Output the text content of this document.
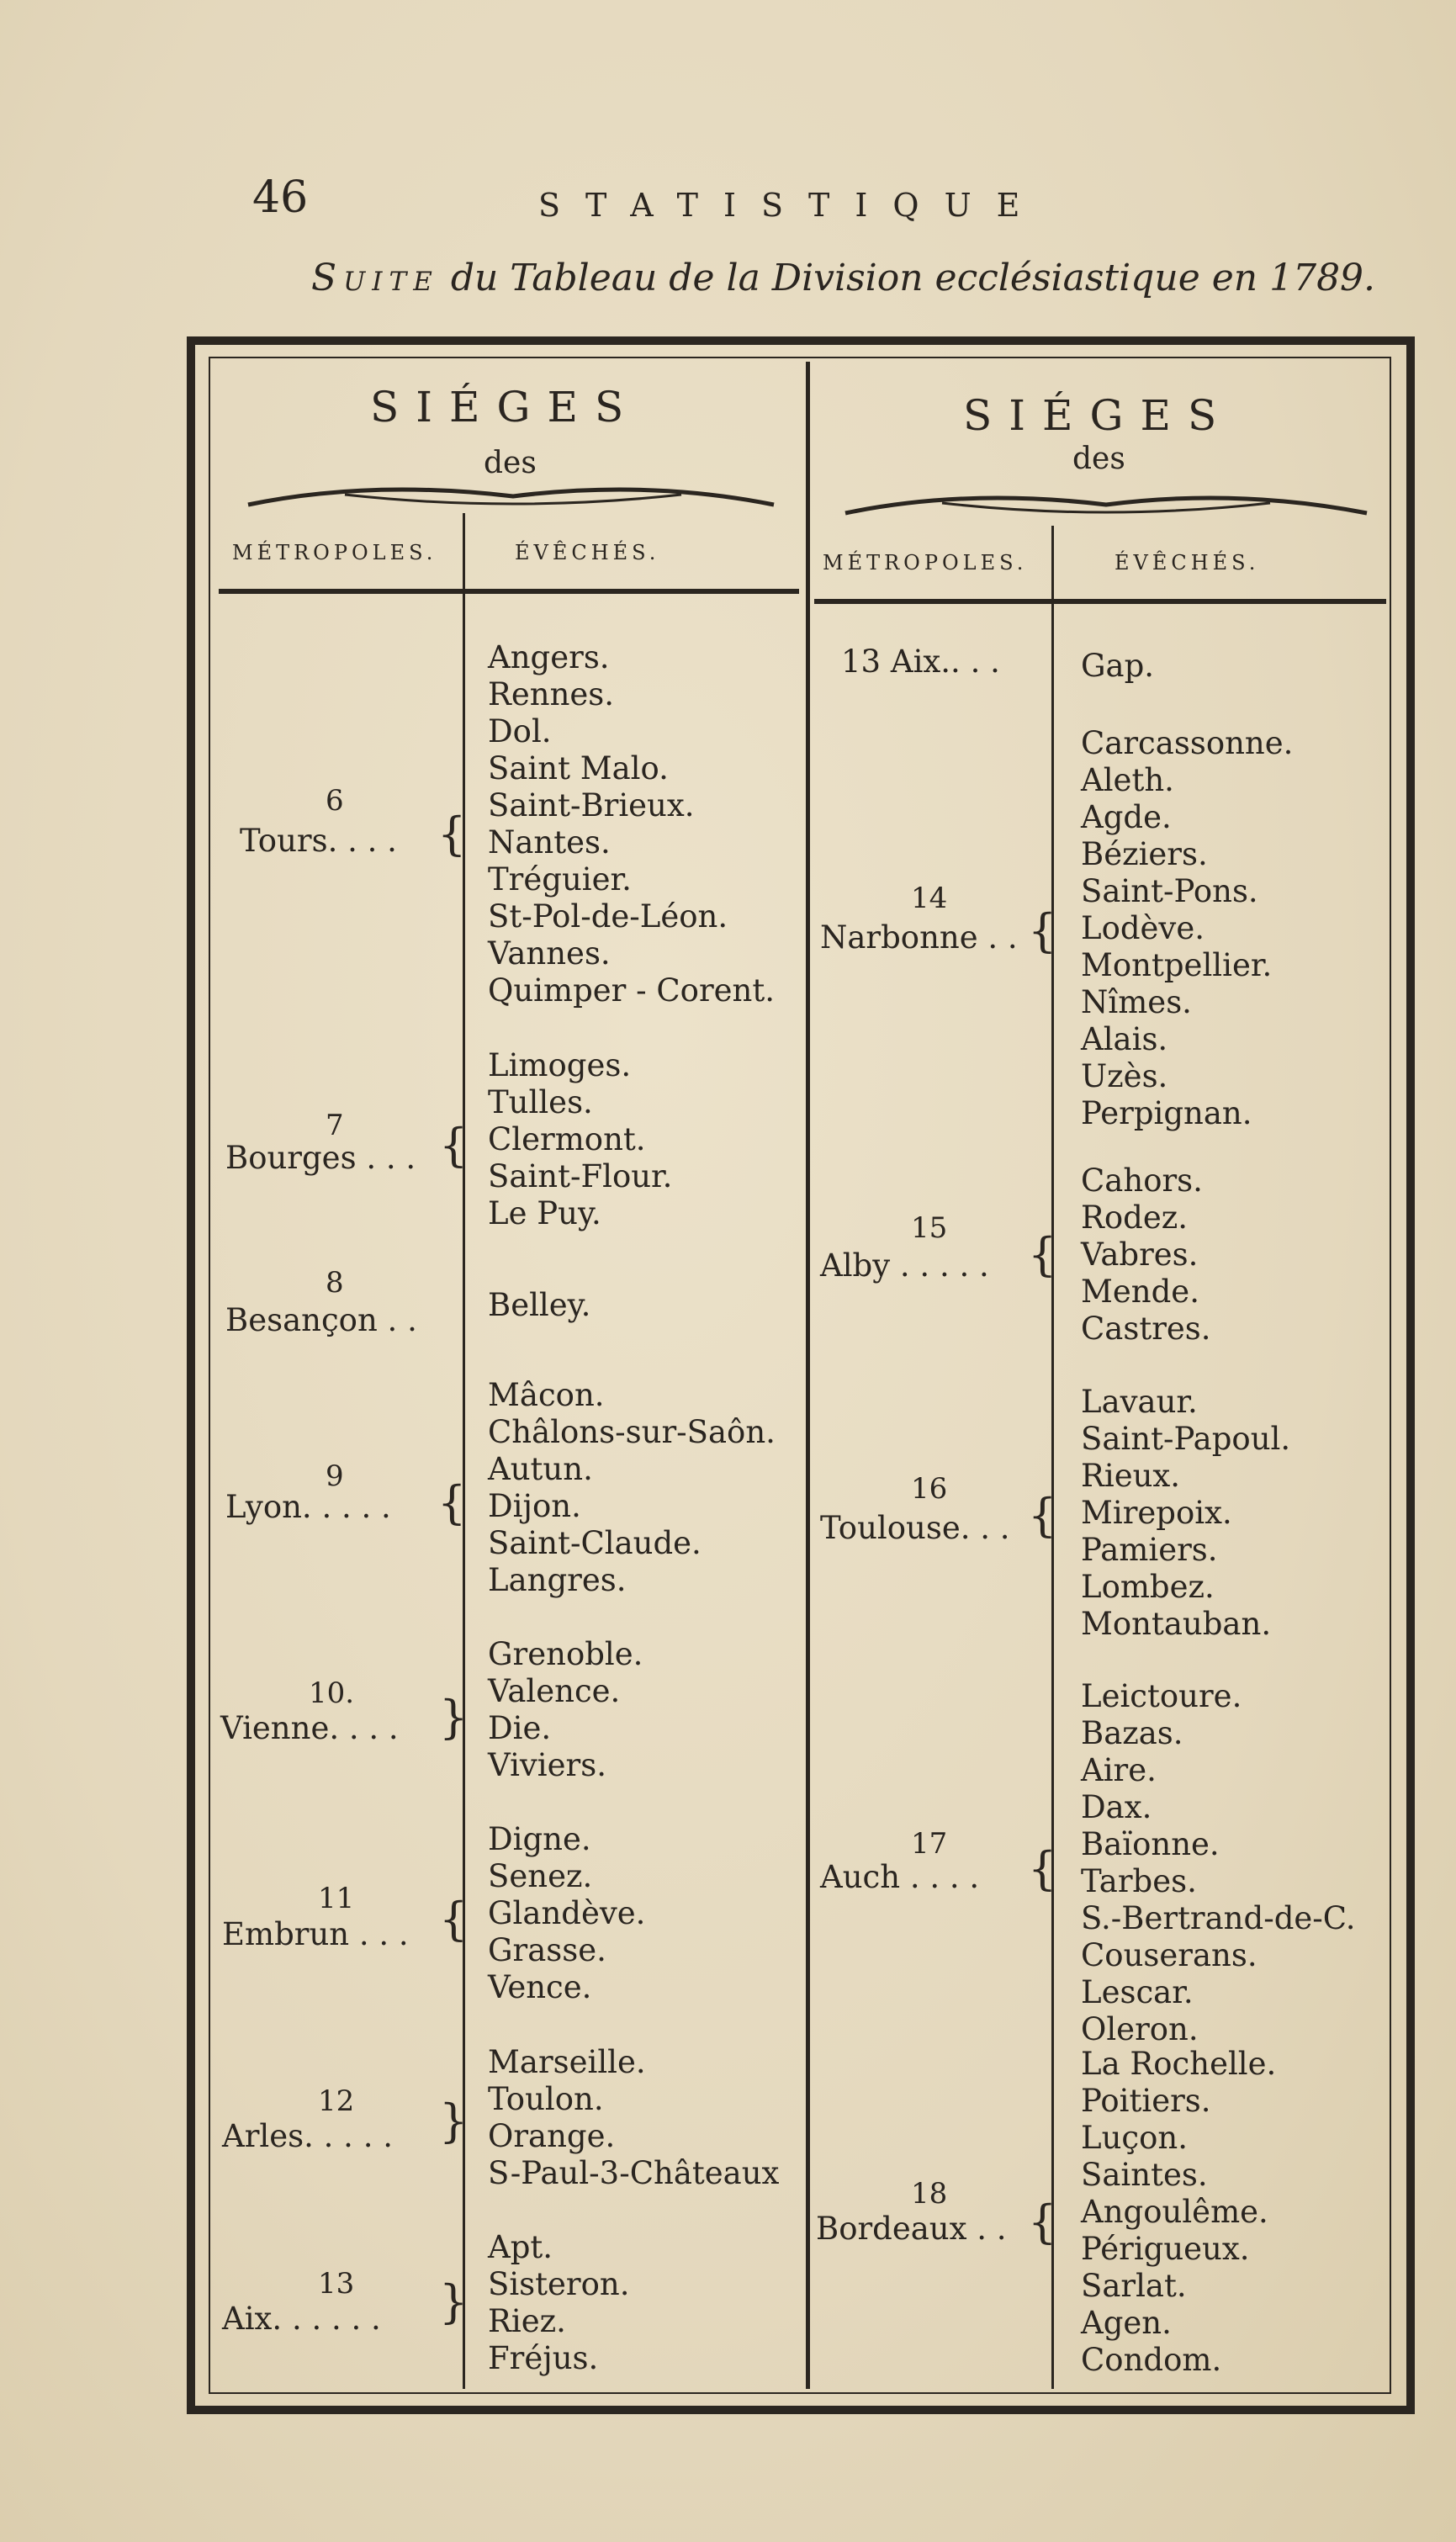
46	STATISTIQUE
Suite du Tableau de la Division ecclésiastique en 1789.
SIÉGES
des
MÉTROPOLES.	ÉVÊCHÉS.
SIÉGES
des
MÉTROPOLES.	ÉVÊCHÉS.
6
Tours. . . . {
Angers.
Rennes.
Dol.
Saint Malo.
Saint-Brieux.
Nantes.
Tréguier.
St-Pol-de-Léon.
Vannes.
Quimper - Corent.
7
Bourges . . . {
Limoges.
Tulles.
Clermont.
Saint-Flour.
Le Puy.
8
Besançon . . Belley.
9
Lyon. . . . . {
Mâcon.
Châlons-sur-Saôn.
Autun.
Dijon.
Saint-Claude.
Langres.
10.
Vienne. . . . }
Grenoble.
Valence.
Die.
Viviers.
11
Embrun . . . {
Digne.
Senez.
Glandève.
Grasse.
Vence.
12
Arles. . . . . }
Marseille.
Toulon.
Orange.
S-Paul-3-Châteaux
13
Aix. . . . . . }
Apt.
Sisteron.
Riez.
Fréjus.
13 Aix.. . .	Gap.
14
Narbonne . . {
Carcassonne.
Aleth.
Agde.
Béziers.
Saint-Pons.
Lodève.
Montpellier.
Nîmes.
Alais.
Uzès.
Perpignan.
15
Alby . . . . . {
Cahors.
Rodez.
Vabres.
Mende.
Castres.
16
Toulouse. . . {
Lavaur.
Saint-Papoul.
Rieux.
Mirepoix.
Pamiers.
Lombez.
Montauban.
17
Auch . . . . {
Leictoure.
Bazas.
Aire.
Dax.
Baïonne.
Tarbes.
S.-Bertrand-de-C.
Couserans.
Lescar.
Oleron.
18
Bordeaux . . {
La Rochelle.
Poitiers.
Luçon.
Saintes.
Angoulême.
Périgueux.
Sarlat.
Agen.
Condom.
